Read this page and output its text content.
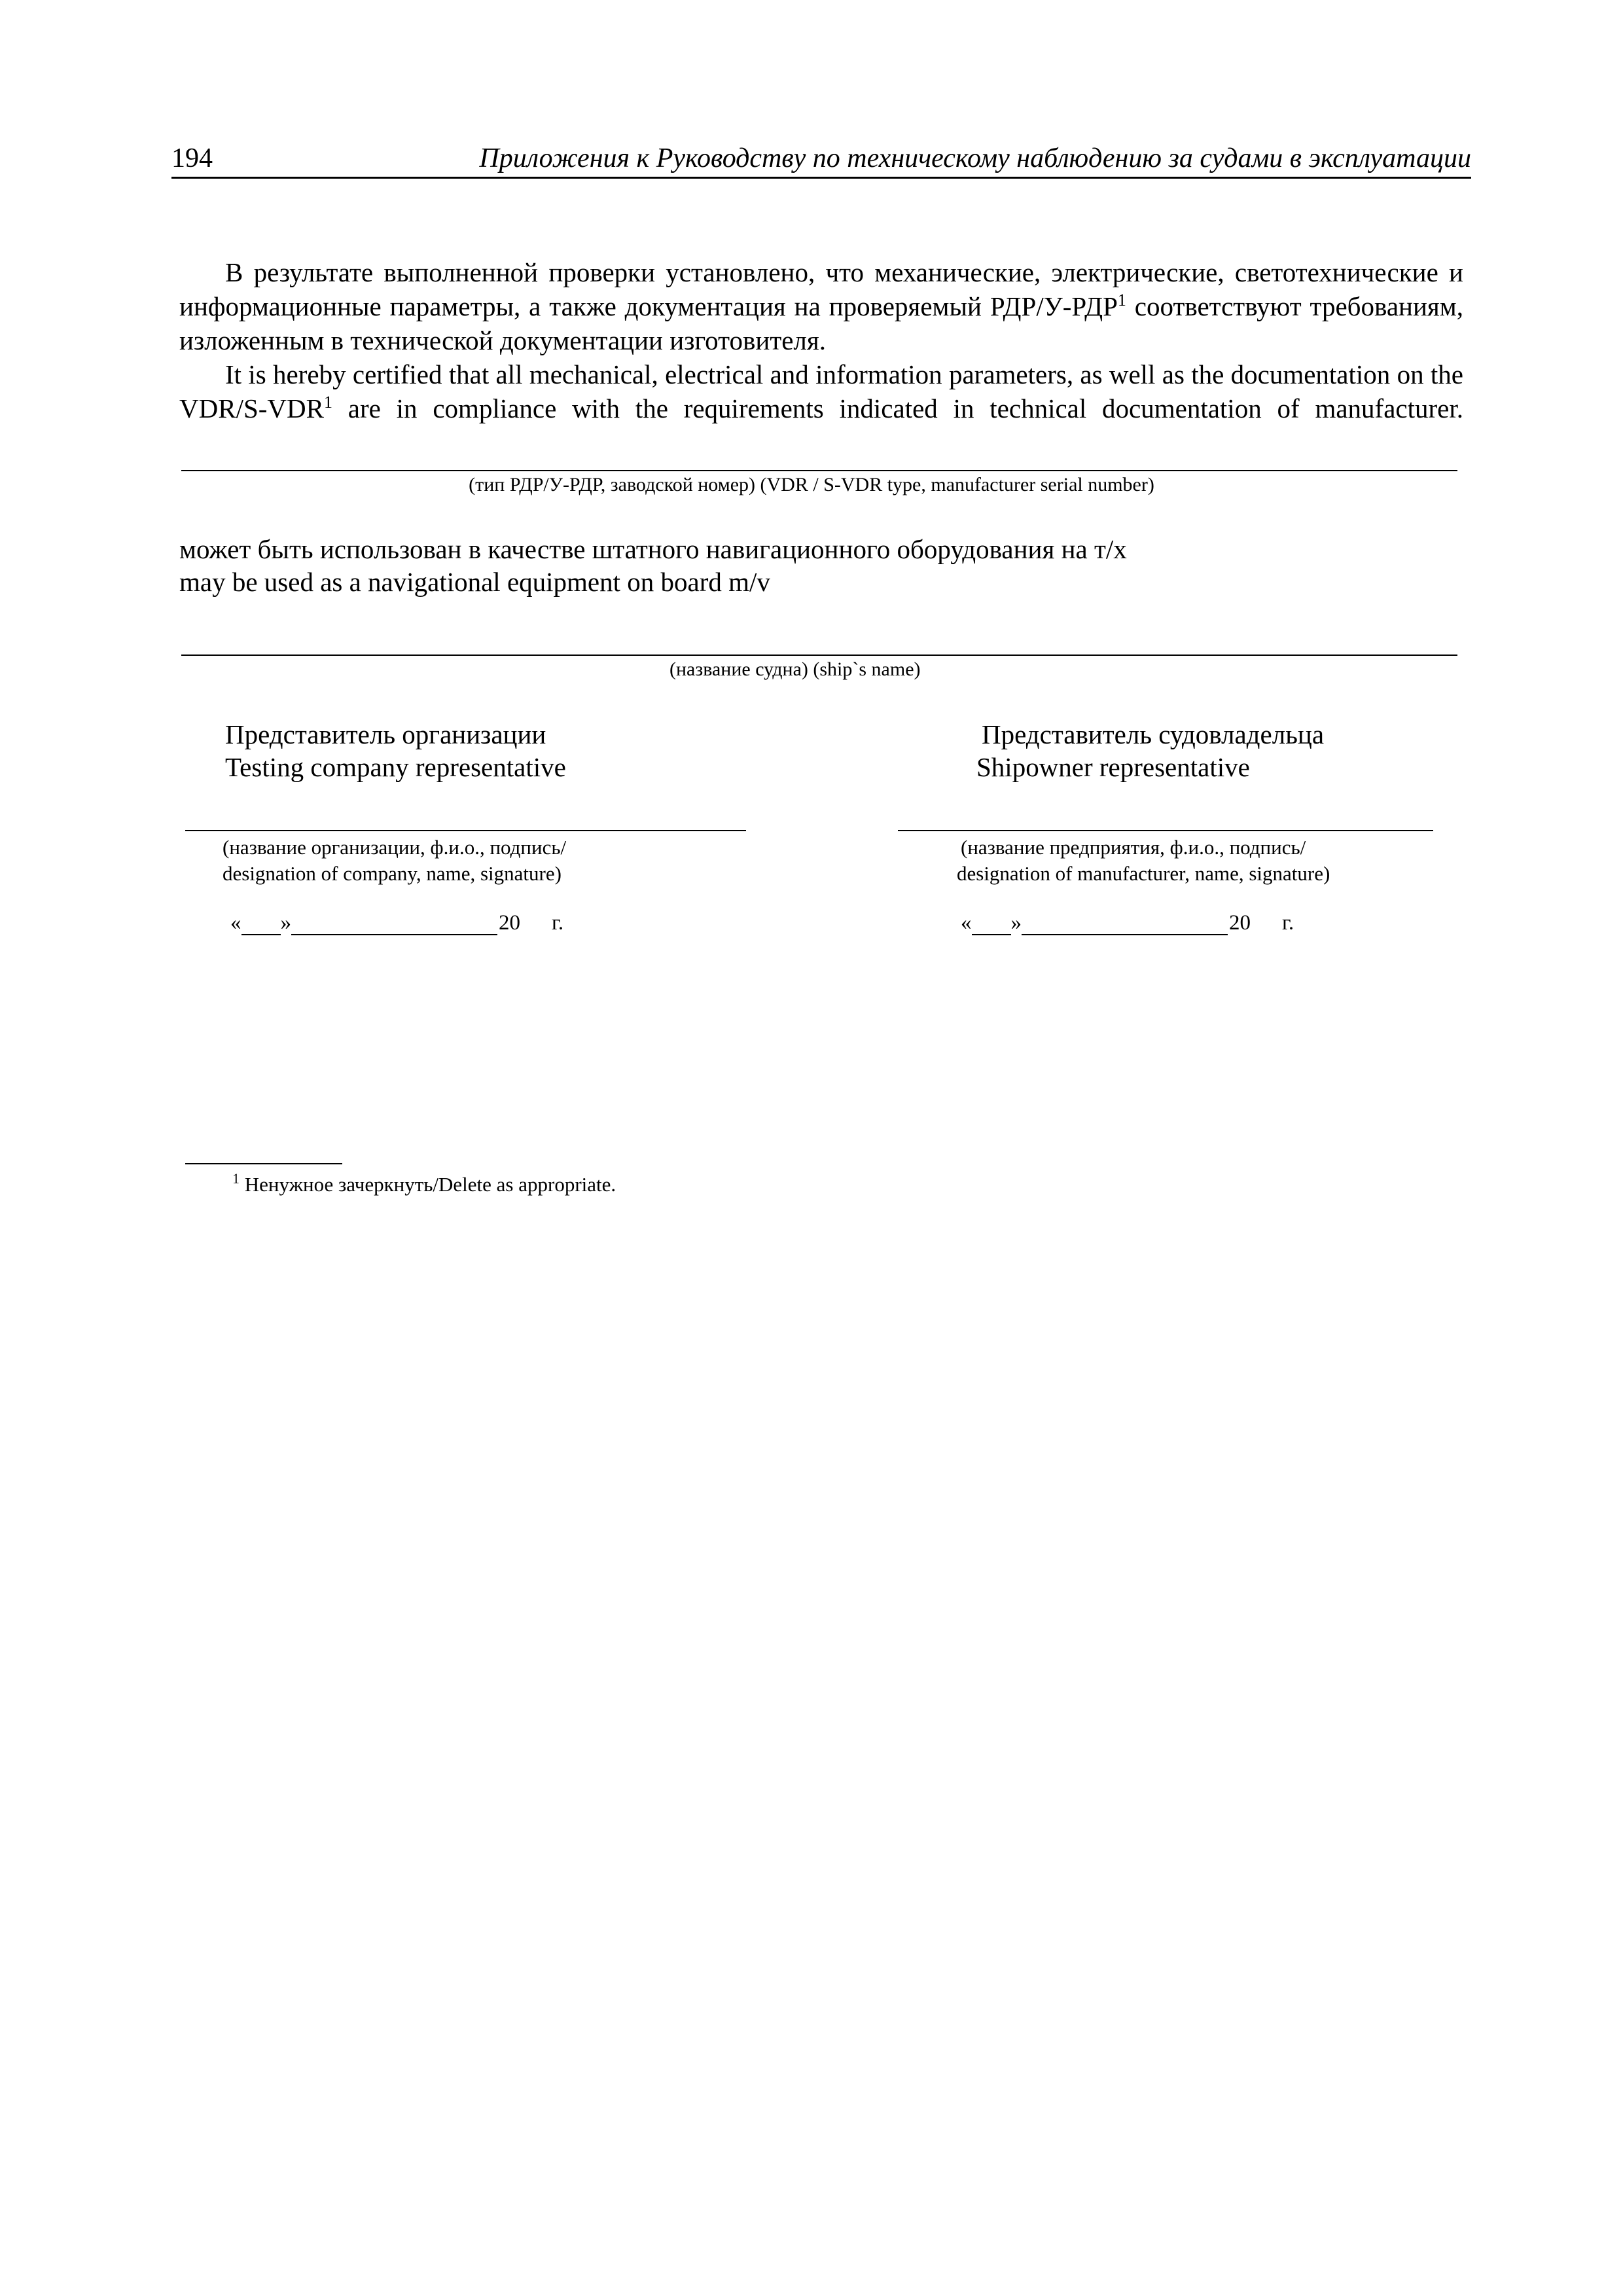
194	Приложения к Руководству по техническому наблюдению за судами в эксплуатации

В результате выполненной проверки установлено, что механические, электрические, светотехнические и информационные параметры, а также документация на проверяемый РДР/У-РДР$^1$ соответствуют требованиям, изложенным в технической документации изготовителя.

It is hereby certified that all mechanical, electrical and information parameters, as well as the documentation on the VDR/S-VDR$^1$ are in compliance with the requirements indicated in technical documentation of manufacturer.

(тип РДР/У-РДР, заводской номер) (VDR / S-VDR type, manufacturer serial number)
может быть использован в качестве штатного навигационного оборудования на т/х
may be used as a navigational equipment on board m/v
(название судна) (ship`s name)
Представитель организации
Testing company representative
(название организации, ф.и.о., подпись/
designation of company, name, signature)
« »	20 г.
Представитель судовладельца
Shipowner representative
(название предприятия, ф.и.о., подпись/
designation of manufacturer, name, signature)
« »	20 г.
$^1$ Ненужное зачеркнуть/Delete as appropriate.
